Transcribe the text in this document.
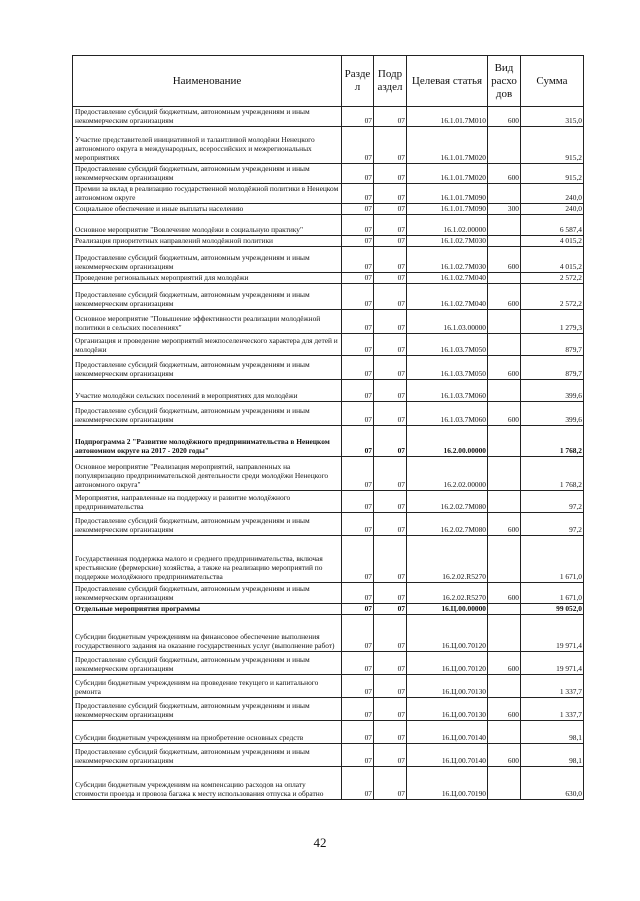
Наименование	Разде л	Подр аздел	Целевая статья	Вид расхо дов	Сумма
Предоставление субсидий бюджетным, автономным учреждениям и иным некоммерческим организациям	07	07	16.1.01.7М010	600	315,0
Участие представителей инициативной и талантливой молодёжи Ненецкого автономного округа в международных, всероссийских и межрегиональных мероприятиях	07	07	16.1.01.7М020		915,2
Предоставление субсидий бюджетным, автономным учреждениям и иным некоммерческим организациям	07	07	16.1.01.7М020	600	915,2
Премии за вклад в реализацию государственной молодёжной политики в Ненецком автономном округе	07	07	16.1.01.7М090		240,0
Социальное обеспечение и иные выплаты населению	07	07	16.1.01.7М090	300	240,0
Основное мероприятие "Вовлечение молодёжи в социальную практику"	07	07	16.1.02.00000		6 587,4
Реализация приоритетных направлений молодёжной политики	07	07	16.1.02.7М030		4 015,2
Предоставление субсидий бюджетным, автономным учреждениям и иным некоммерческим организациям	07	07	16.1.02.7М030	600	4 015,2
Проведение региональных мероприятий для молодёжи	07	07	16.1.02.7М040		2 572,2
Предоставление субсидий бюджетным, автономным учреждениям и иным некоммерческим организациям	07	07	16.1.02.7М040	600	2 572,2
Основное мероприятие "Повышение эффективности реализации молодёжной политики в сельских поселениях"	07	07	16.1.03.00000		1 279,3
Организация и проведение мероприятий межпоселенческого характера для детей и молодёжи	07	07	16.1.03.7М050		879,7
Предоставление субсидий бюджетным, автономным учреждениям и иным некоммерческим организациям	07	07	16.1.03.7М050	600	879,7
Участие молодёжи сельских поселений в мероприятиях для молодёжи	07	07	16.1.03.7М060		399,6
Предоставление субсидий бюджетным, автономным учреждениям и иным некоммерческим организациям	07	07	16.1.03.7М060	600	399,6
Подпрограмма 2 "Развитие молодёжного предпринимательства в Ненецком автономном округе на 2017 - 2020 годы"	07	07	16.2.00.00000		1 768,2
Основное мероприятие "Реализация мероприятий, направленных на популяризацию предпринимательской деятельности среди молодёжи Ненецкого автономного округа"	07	07	16.2.02.00000		1 768,2
Мероприятия, направленные на поддержку и развитие молодёжного предпринимательства	07	07	16.2.02.7М080		97,2
Предоставление субсидий бюджетным, автономным учреждениям и иным некоммерческим организациям	07	07	16.2.02.7М080	600	97,2
Государственная поддержка малого и среднего предпринимательства, включая крестьянские (фермерские) хозяйства, а также на реализацию мероприятий по поддержке молодёжного предпринимательства	07	07	16.2.02.R5270		1 671,0
Предоставление субсидий бюджетным, автономным учреждениям и иным некоммерческим организациям	07	07	16.2.02.R5270	600	1 671,0
Отдельные мероприятия программы	07	07	16.Ц.00.00000		99 052,0
Субсидии бюджетным учреждениям на финансовое обеспечение выполнения государственного задания на оказание государственных услуг (выполнение работ)	07	07	16.Ц.00.70120		19 971,4
Предоставление субсидий бюджетным, автономным учреждениям и иным некоммерческим организациям	07	07	16.Ц.00.70120	600	19 971,4
Субсидии бюджетным учреждениям на проведение текущего и капитального ремонта	07	07	16.Ц.00.70130		1 337,7
Предоставление субсидий бюджетным, автономным учреждениям и иным некоммерческим организациям	07	07	16.Ц.00.70130	600	1 337,7
Субсидии бюджетным учреждениям на приобретение основных средств	07	07	16.Ц.00.70140		98,1
Предоставление субсидий бюджетным, автономным учреждениям и иным некоммерческим организациям	07	07	16.Ц.00.70140	600	98,1
Субсидии бюджетным учреждениям на компенсацию расходов на оплату стоимости проезда и провоза багажа к месту использования отпуска и обратно	07	07	16.Ц.00.70190		630,0
42
